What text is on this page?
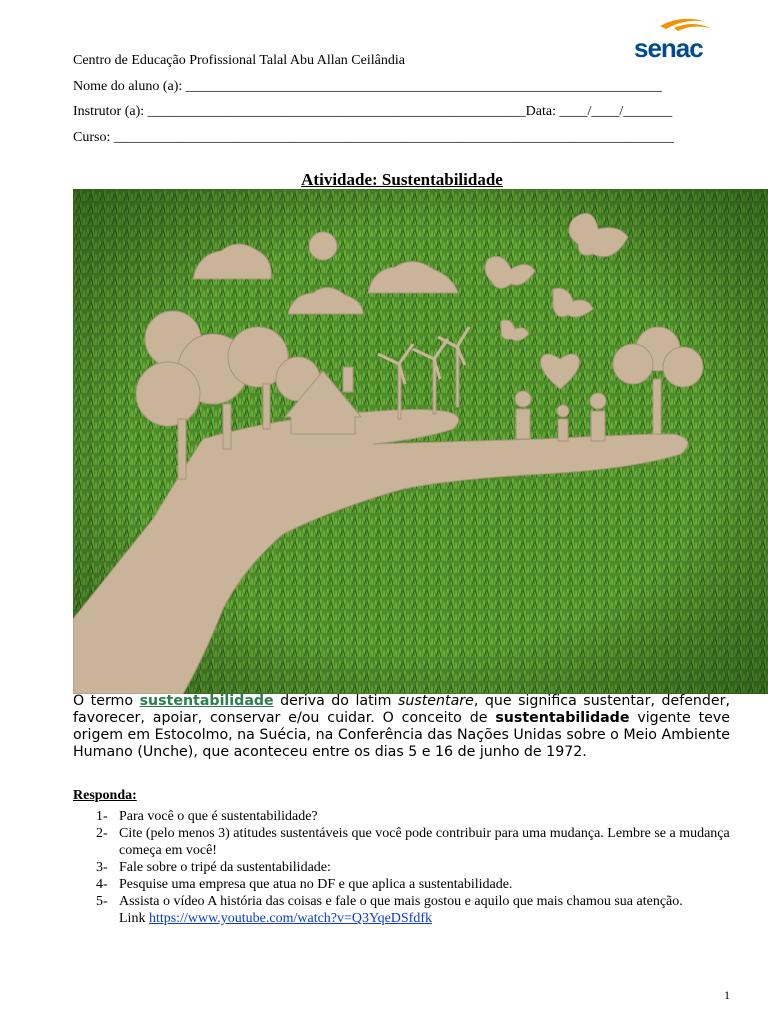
senac
Centro de Educação Profissional Talal Abu Allan Ceilândia
Nome do aluno (a): ____________________________________________________________________
Instrutor (a): ______________________________________________________Data: ____/____/_______
Curso: ________________________________________________________________________________
Atividade: Sustentabilidade
O termo sustentabilidade deriva do latim sustentare, que significa sustentar, defender, favorecer, apoiar, conservar e/ou cuidar. O conceito de sustentabilidade vigente teve origem em Estocolmo, na Suécia, na Conferência das Nações Unidas sobre o Meio Ambiente Humano (Unche), que aconteceu entre os dias 5 e 16 de junho de 1972.
Responda:
1- Para você o que é sustentabilidade?
2- Cite (pelo menos 3) atitudes sustentáveis que você pode contribuir para uma mudança. Lembre se a mudança começa em você!
3- Fale sobre o tripé da sustentabilidade:
4- Pesquise uma empresa que atua no DF e que aplica a sustentabilidade.
5- Assista o vídeo A história das coisas e fale o que mais gostou e aquilo que mais chamou sua atenção.
Link https://www.youtube.com/watch?v=Q3YqeDSfdfk
1
